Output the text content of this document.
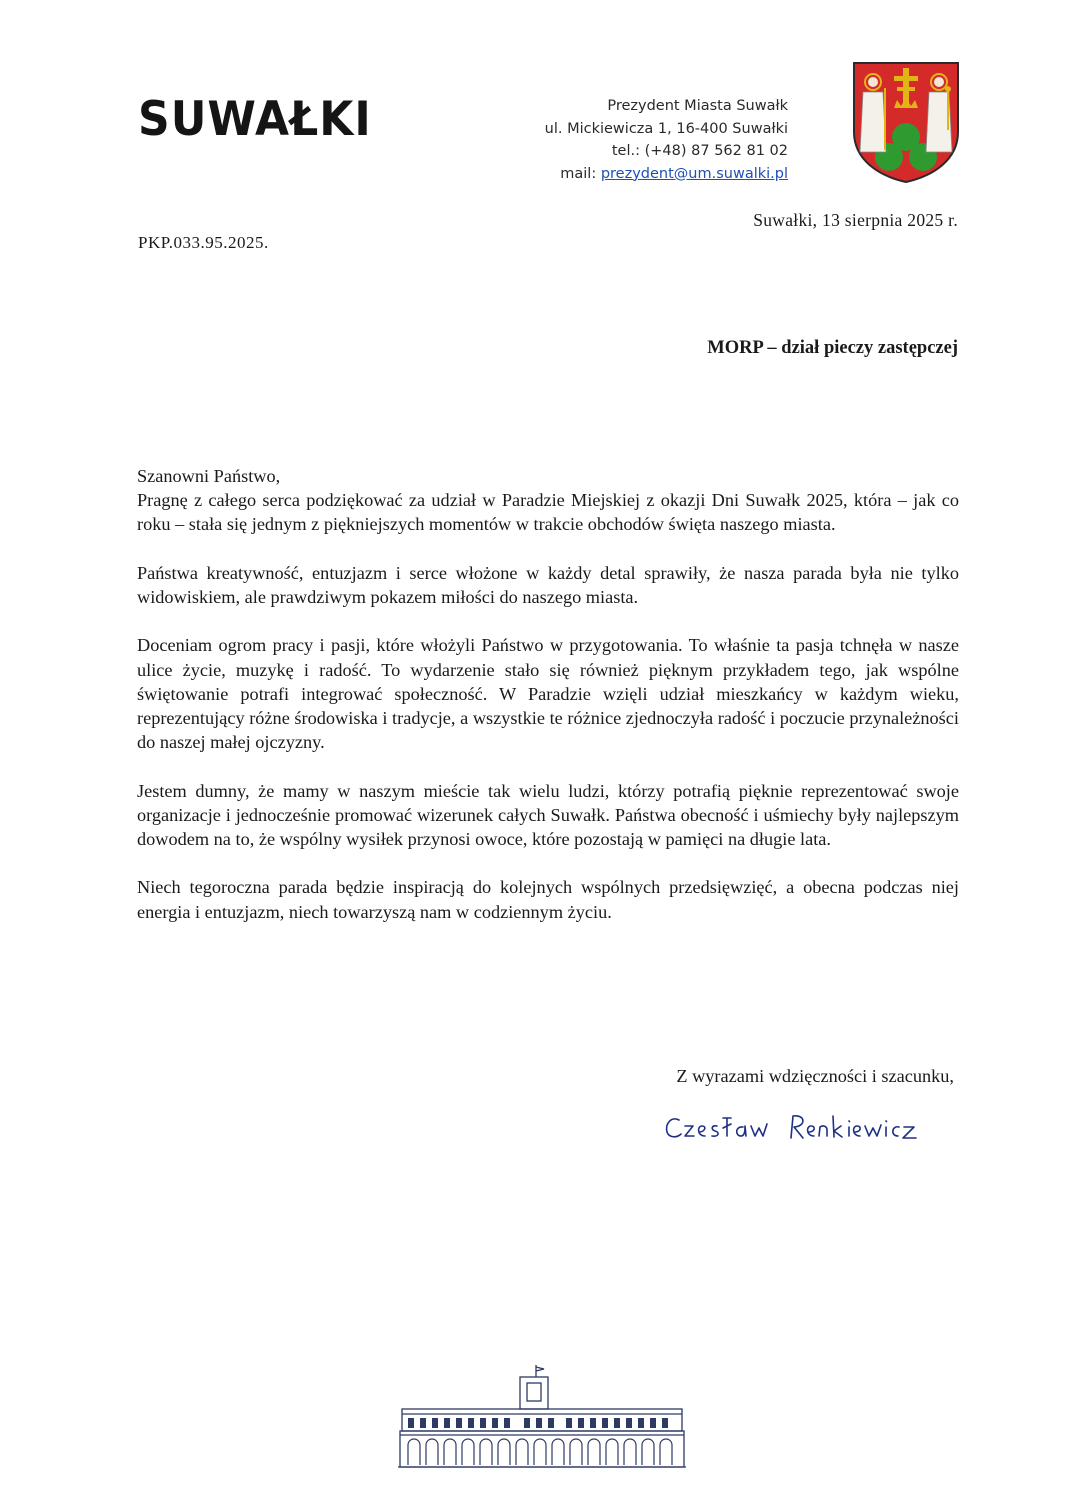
SUWAŁKI	Prezydent Miasta Suwałk
ul. Mickiewicza 1, 16-400 Suwałki
tel.: (+48) 87 562 81 02
mail: prezydent@um.suwalki.pl
Suwałki, 13 sierpnia 2025 r.
PKP.033.95.2025.
MORP – dział pieczy zastępczej

Szanowni Państwo,

Pragnę z całego serca podziękować za udział w Paradzie Miejskiej z okazji Dni Suwałk 2025, która – jak co roku – stała się jednym z piękniejszych momentów w trakcie obchodów święta naszego miasta.

Państwa kreatywność, entuzjazm i serce włożone w każdy detal sprawiły, że nasza parada była nie tylko widowiskiem, ale prawdziwym pokazem miłości do naszego miasta.

Doceniam ogrom pracy i pasji, które włożyli Państwo w przygotowania. To właśnie ta pasja tchnęła w nasze ulice życie, muzykę i radość. To wydarzenie stało się również pięknym przykładem tego, jak wspólne świętowanie potrafi integrować społeczność. W Paradzie wzięli udział mieszkańcy w każdym wieku, reprezentujący różne środowiska i tradycje, a wszystkie te różnice zjednoczyła radość i poczucie przynależności do naszej małej ojczyzny.

Jestem dumny, że mamy w naszym mieście tak wielu ludzi, którzy potrafią pięknie reprezentować swoje organizacje i jednocześnie promować wizerunek całych Suwałk. Państwa obecność i uśmiechy były najlepszym dowodem na to, że wspólny wysiłek przynosi owoce, które pozostają w pamięci na długie lata.

Niech tegoroczna parada będzie inspiracją do kolejnych wspólnych przedsięwzięć, a obecna podczas niej energia i entuzjazm, niech towarzyszą nam w codziennym życiu.

Z wyrazami wdzięczności i szacunku,
